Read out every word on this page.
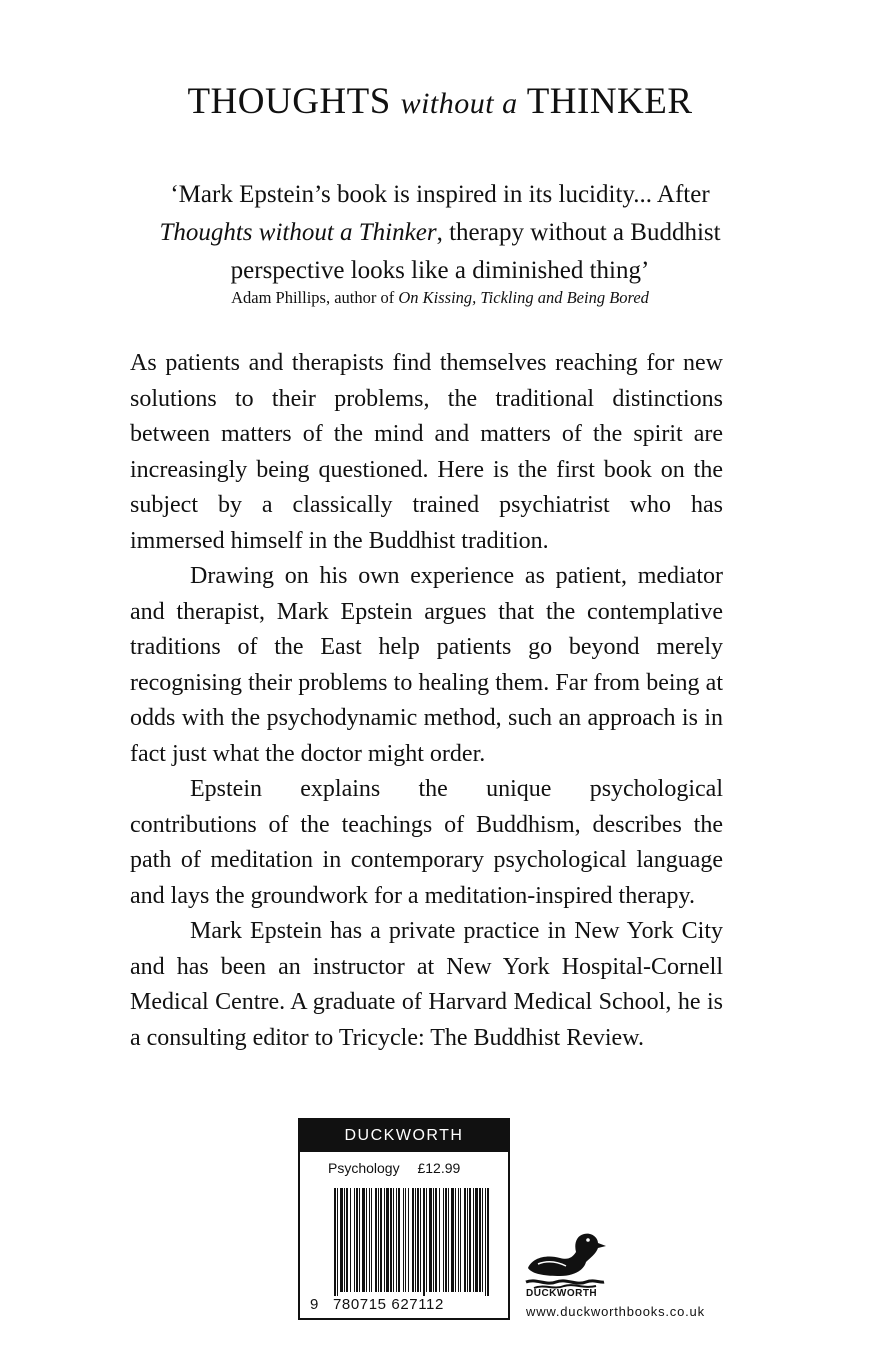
THOUGHTS without a THINKER
‘Mark Epstein’s book is inspired in its lucidity... After
Thoughts without a Thinker, therapy without a Buddhist
perspective looks like a diminished thing’
Adam Phillips, author of On Kissing, Tickling and Being Bored

As patients and therapists find themselves reaching for new solutions to their problems, the traditional distinctions between matters of the mind and matters of the spirit are increasingly being questioned. Here is the first book on the subject by a classically trained psychiatrist who has immersed himself in the Buddhist tradition.

Drawing on his own experience as patient, mediator and therapist, Mark Epstein argues that the contemplative traditions of the East help patients go beyond merely recognising their problems to healing them. Far from being at odds with the psychodynamic method, such an approach is in fact just what the doctor might order.

Epstein explains the unique psychological contributions of the teachings of Buddhism, describes the path of meditation in contemporary psychological language and lays the groundwork for a meditation-inspired therapy.

Mark Epstein has a private practice in New York City and has been an instructor at New York Hospital-Cornell Medical Centre. A graduate of Harvard Medical School, he is a consulting editor to Tricycle: The Buddhist Review.

DUCKWORTH
Psychology £12.99
9 780715 627112
DUCKWORTH
www.duckworthbooks.co.uk
